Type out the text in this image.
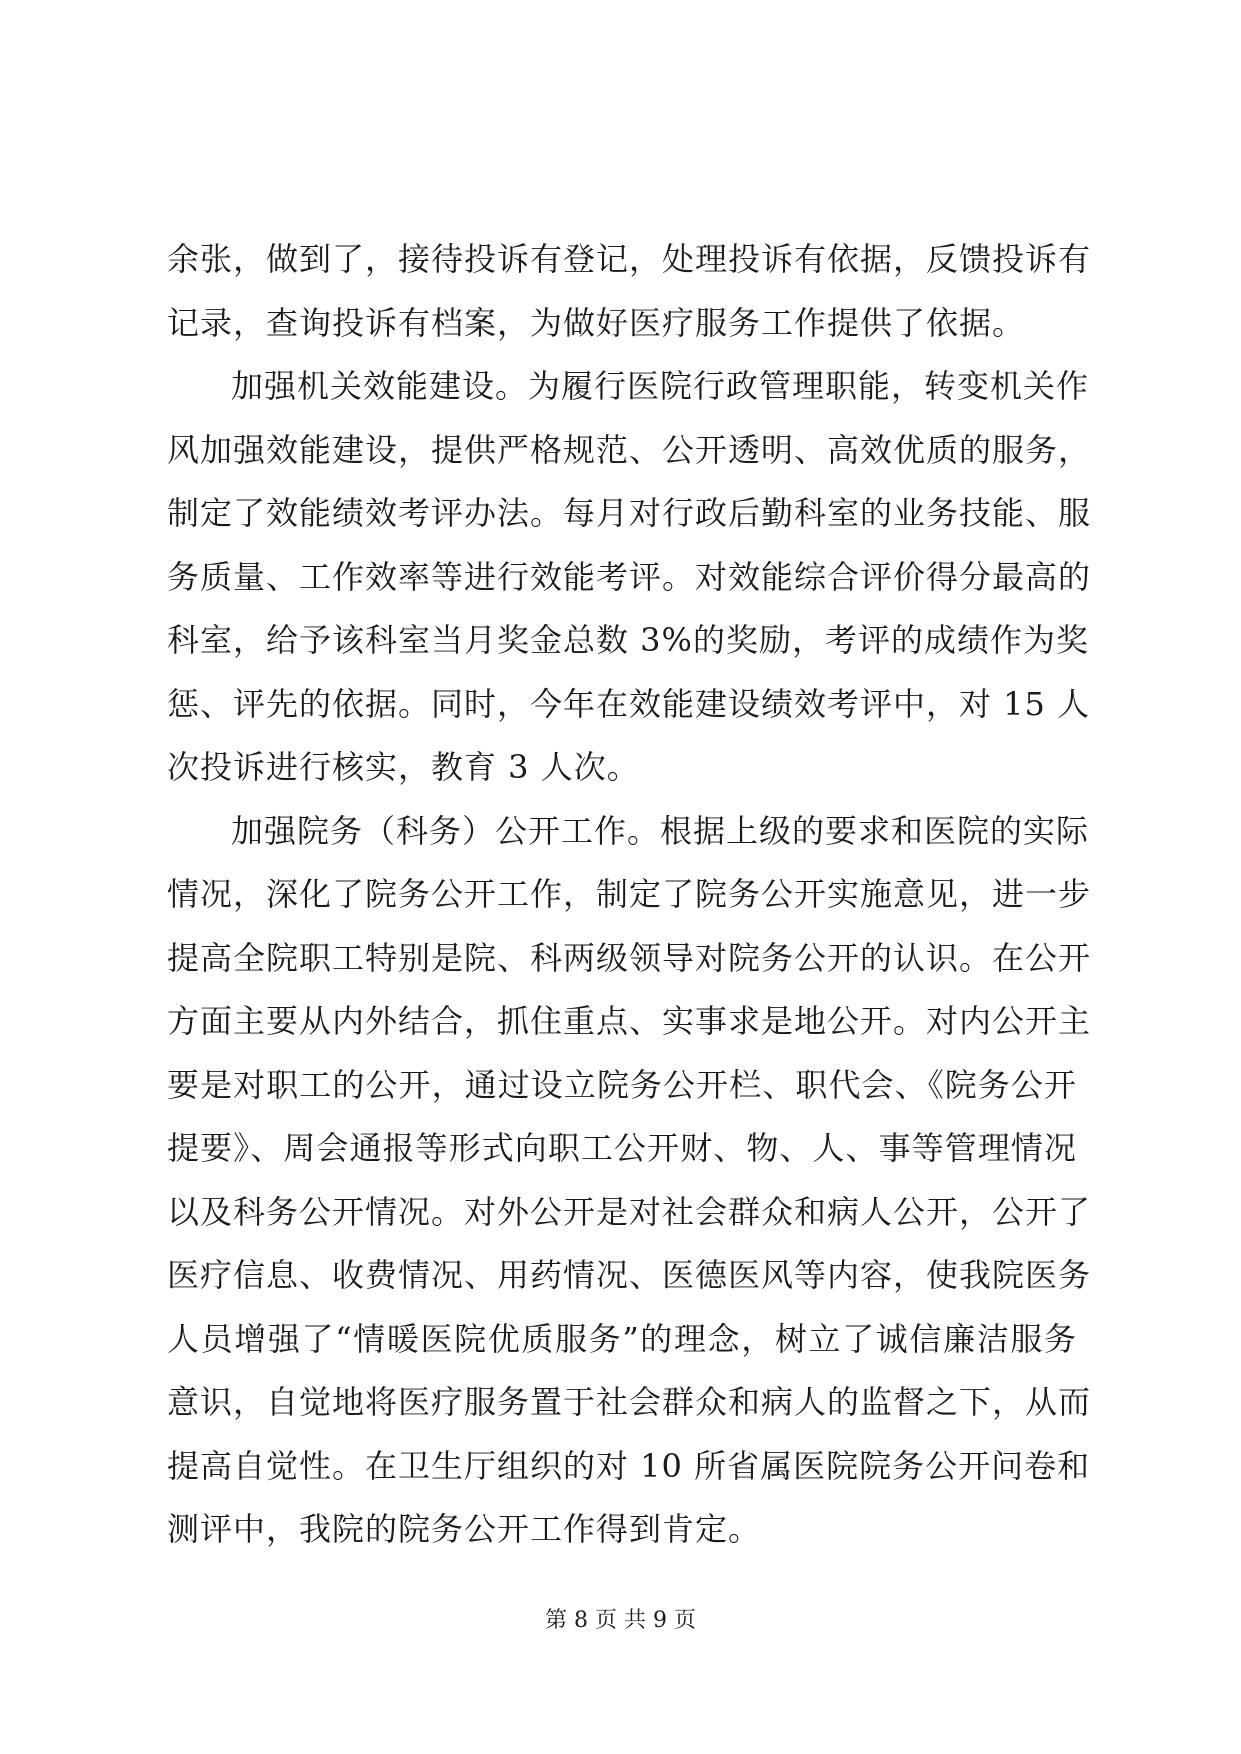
余张，做到了，接待投诉有登记，处理投诉有依据，反馈投诉有
记录，查询投诉有档案，为做好医疗服务工作提供了依据。
加强机关效能建设。为履行医院行政管理职能，转变机关作
风加强效能建设，提供严格规范、公开透明、高效优质的服务，
制定了效能绩效考评办法。每月对行政后勤科室的业务技能、服
务质量、工作效率等进行效能考评。对效能综合评价得分最高的
科室，给予该科室当月奖金总数 3%的奖励，考评的成绩作为奖
惩、评先的依据。同时，今年在效能建设绩效考评中，对 15 人
次投诉进行核实，教育 3 人次。
加强院务（科务）公开工作。根据上级的要求和医院的实际
情况，深化了院务公开工作，制定了院务公开实施意见，进一步
提高全院职工特别是院、科两级领导对院务公开的认识。在公开
方面主要从内外结合，抓住重点、实事求是地公开。对内公开主
要是对职工的公开，通过设立院务公开栏、职代会、《院务公开
提要》、周会通报等形式向职工公开财、物、人、事等管理情况
以及科务公开情况。对外公开是对社会群众和病人公开，公开了
医疗信息、收费情况、用药情况、医德医风等内容，使我院医务
人员增强了“情暖医院优质服务”的理念，树立了诚信廉洁服务
意识，自觉地将医疗服务置于社会群众和病人的监督之下，从而
提高自觉性。在卫生厅组织的对 10 所省属医院院务公开问卷和
测评中，我院的院务公开工作得到肯定。
第 8 页 共 9 页
